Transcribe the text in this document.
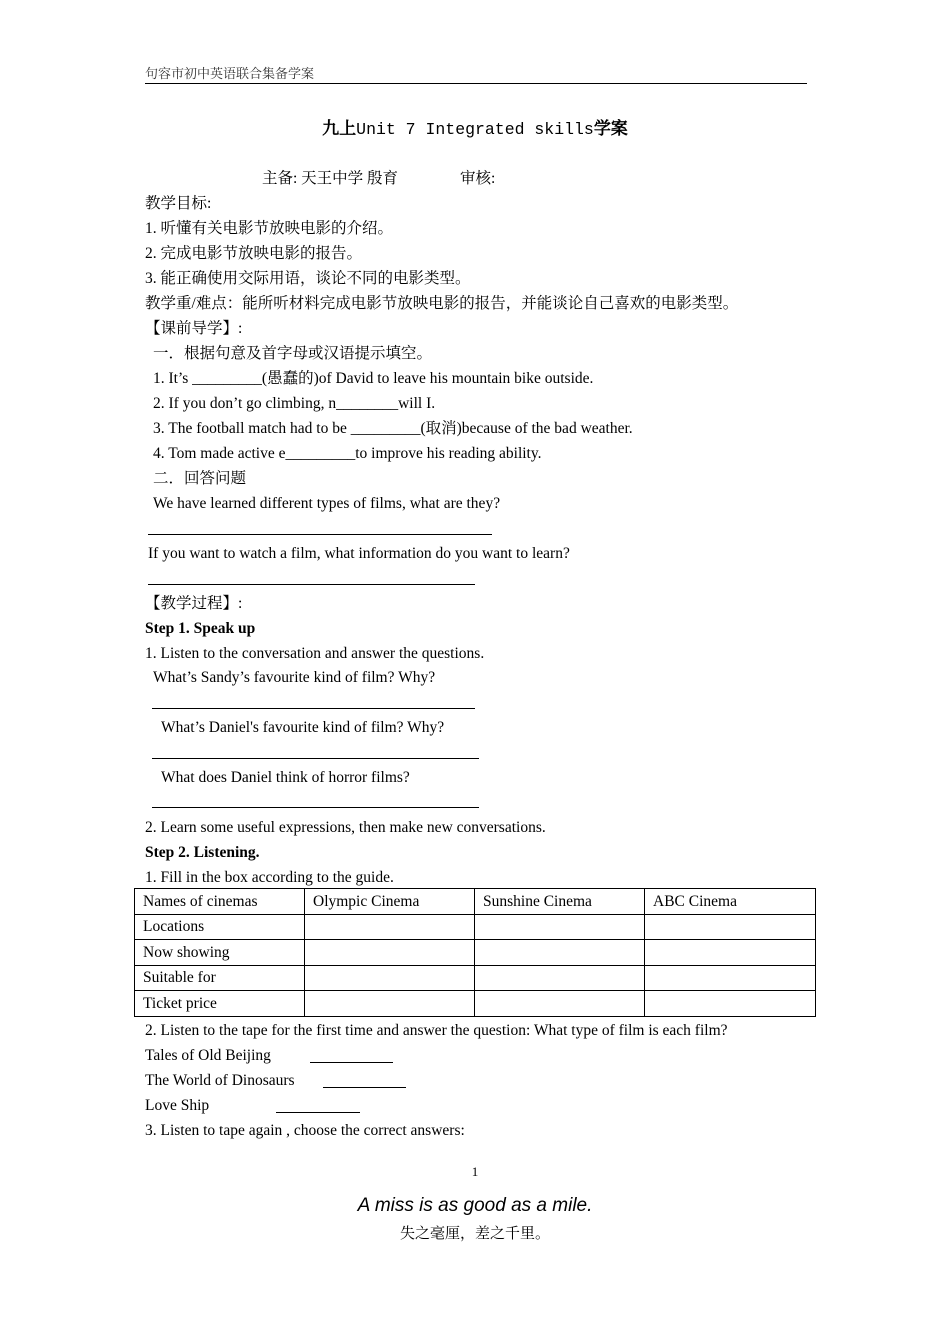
句容市初中英语联合集备学案
九上Unit 7 Integrated skills学案
主备: 天王中学 殷育	审核:
教学目标:
1. 听懂有关电影节放映电影的介绍。
2. 完成电影节放映电影的报告。
3. 能正确使用交际用语，谈论不同的电影类型。
教学重/难点：能所听材料完成电影节放映电影的报告，并能谈论自己喜欢的电影类型。
【课前导学】:
一．根据句意及首字母或汉语提示填空。
1. It’s _________(愚蠢的)of David to leave his mountain bike outside.
2. If you don’t go climbing, n________will I.
3. The football match had to be _________(取消)because of the bad weather.
4. Tom made active e_________to improve his reading ability.
二．回答问题
We have learned different types of films, what are they?
If you want to watch a film, what information do you want to learn?
【教学过程】:
Step 1. Speak up
1. Listen to the conversation and answer the questions.
What’s Sandy’s favourite kind of film? Why?
What’s Daniel's favourite kind of film? Why?
What does Daniel think of horror films?
2. Learn some useful expressions, then make new conversations.
Step 2. Listening.
1. Fill in the box according to the guide.
Names of cinemas	Olympic Cinema	Sunshine Cinema	ABC Cinema
Locations			
Now showing			
Suitable for			
Ticket price			
2. Listen to the tape for the first time and answer the question: What type of film is each film?
Tales of Old Beijing
The World of Dinosaurs
Love Ship
3. Listen to tape again , choose the correct answers:
1
A miss is as good as a mile.
失之毫厘，差之千里。
